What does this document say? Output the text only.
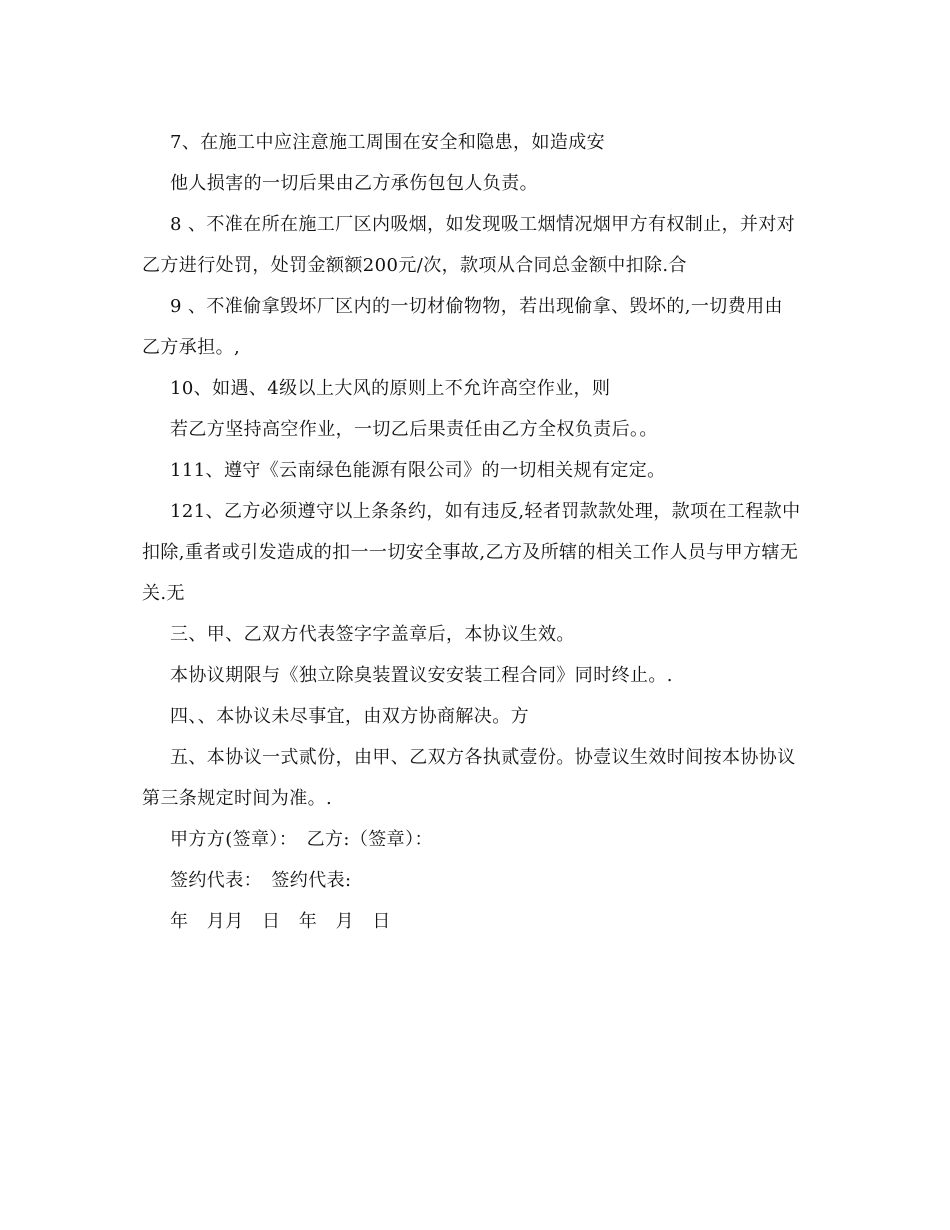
7、在施工中应注意施工周围在安全和隐患，如造成安
他人损害的一切后果由乙方承伤包包人负责。
8 、不准在所在施工厂区内吸烟，如发现吸工烟情况烟甲方有权制止，并对对
乙方进行处罚，处罚金额额200元/次，款项从合同总金额中扣除.合
9 、不准偷拿毁坏厂区内的一切材偷物物，若出现偷拿、毁坏的,一切费用由
乙方承担。,
10、如遇、4级以上大风的原则上不允许高空作业，则
若乙方坚持高空作业，一切乙后果责任由乙方全权负责后。。
111、遵守《云南绿色能源有限公司》的一切相关规有定定。
121、乙方必须遵守以上条条约，如有违反,轻者罚款款处理，款项在工程款中
扣除,重者或引发造成的扣一一切安全事故,乙方及所辖的相关工作人员与甲方辖无
关.无
三、甲、乙双方代表签字字盖章后，本协议生效。
本协议期限与《独立除臭装置议安安装工程合同》同时终止。.
四、、本协议未尽事宜，由双方协商解决。方
五、本协议一式贰份，由甲、乙双方各执贰壹份。协壹议生效时间按本协协议
第三条规定时间为准。.
甲方方(签章）：　乙方:（签章）：
签约代表：　签约代表:
年　月月　日　年　月　日
